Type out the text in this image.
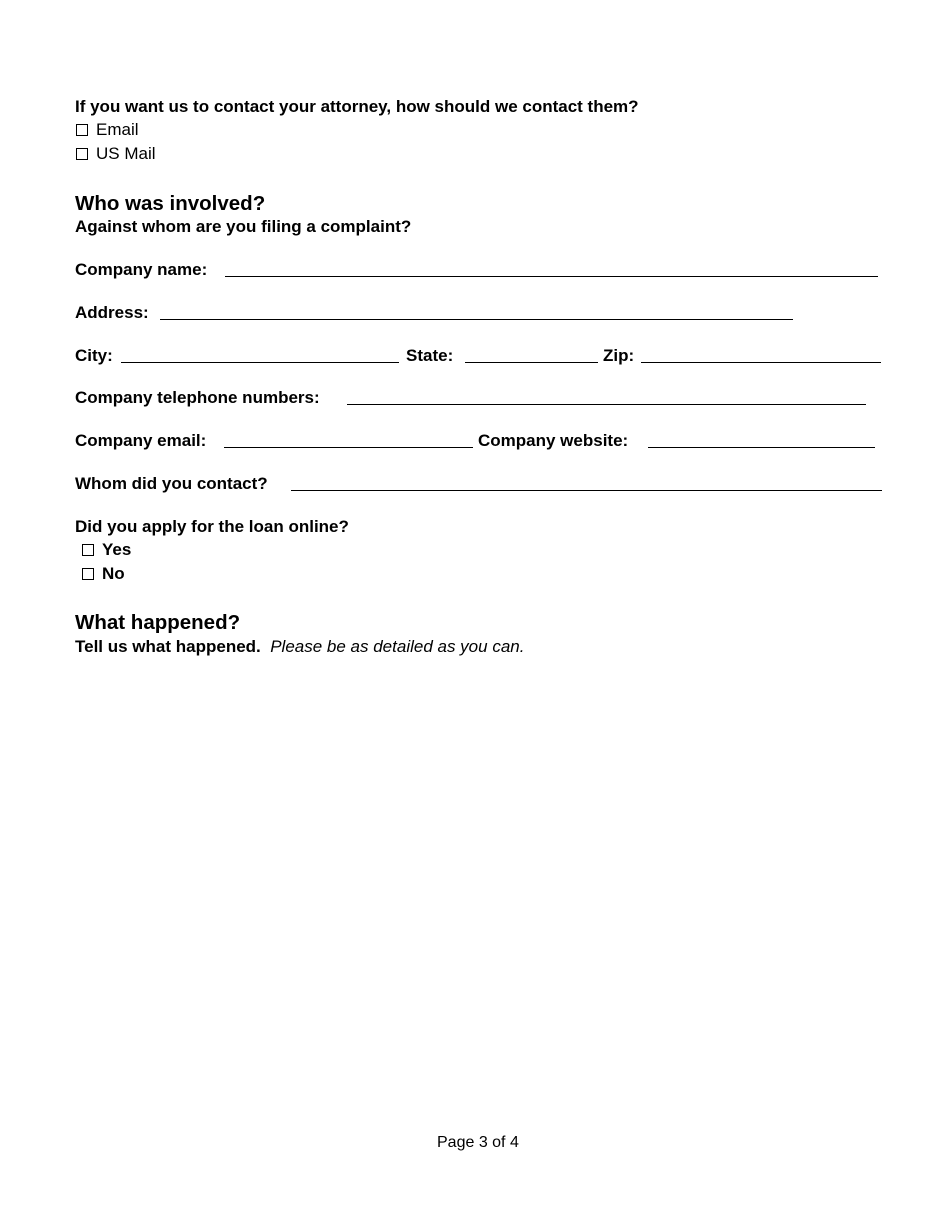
If you want us to contact your attorney, how should we contact them?
Email
US Mail
Who was involved?
Against whom are you filing a complaint?
Company name:
Address:
City:	State:	Zip:
Company telephone numbers:
Company email:	Company website:
Whom did you contact?
Did you apply for the loan online?
Yes
No
What happened?
Tell us what happened. Please be as detailed as you can.
Page 3 of 4
